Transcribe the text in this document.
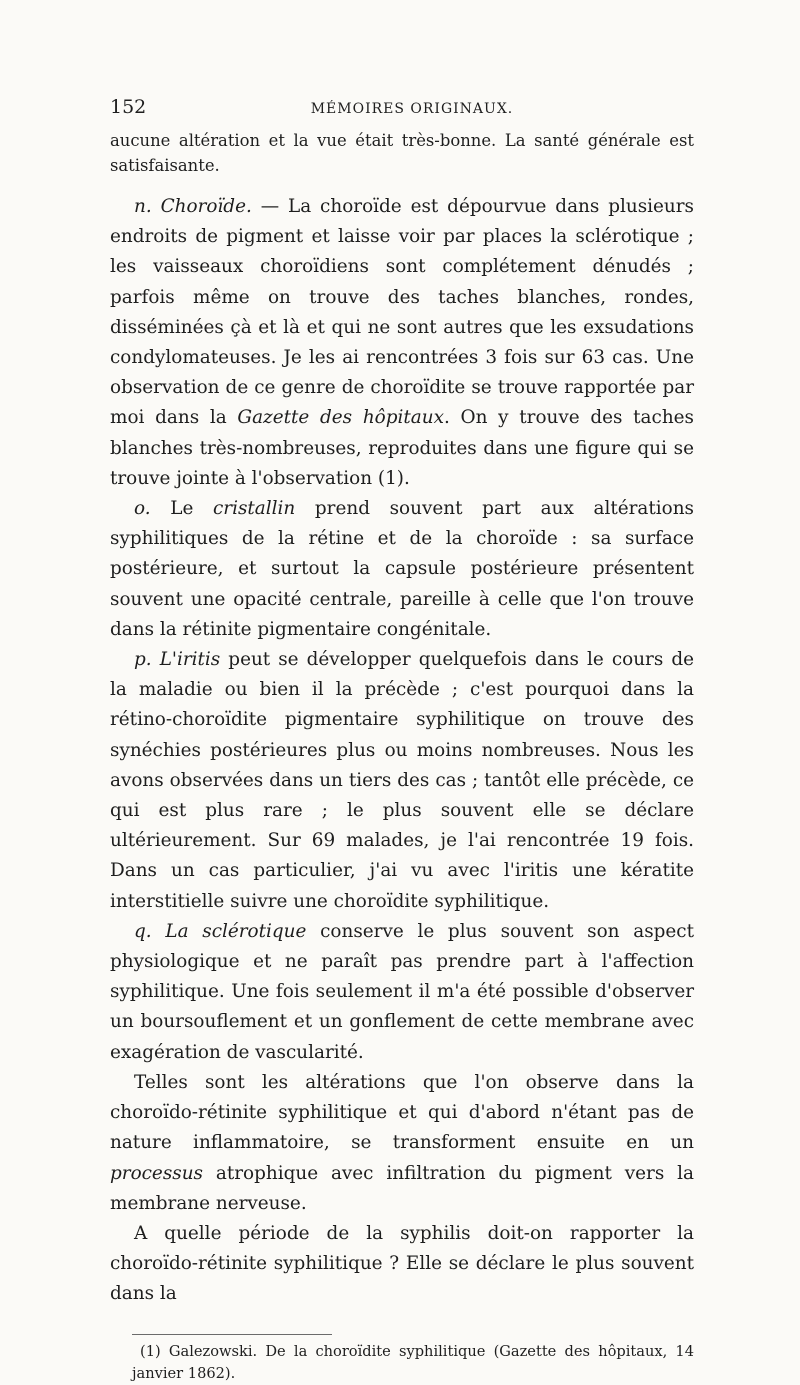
152	MÉMOIRES ORIGINAUX.

aucune altération et la vue était très-bonne. La santé générale est satisfaisante.

n. Choroïde. — La choroïde est dépourvue dans plusieurs endroits de pigment et laisse voir par places la sclérotique ; les vaisseaux choroïdiens sont complétement dénudés ; parfois même on trouve des taches blanches, rondes, disséminées çà et là et qui ne sont autres que les exsudations condylomateuses. Je les ai rencontrées 3 fois sur 63 cas. Une observation de ce genre de choroïdite se trouve rapportée par moi dans la Gazette des hôpitaux. On y trouve des taches blanches très-nombreuses, reproduites dans une figure qui se trouve jointe à l'observation (1).

o. Le cristallin prend souvent part aux altérations syphilitiques de la rétine et de la choroïde : sa surface postérieure, et surtout la capsule postérieure présentent souvent une opacité centrale, pareille à celle que l'on trouve dans la rétinite pigmentaire congénitale.

p. L'iritis peut se développer quelquefois dans le cours de la maladie ou bien il la précède ; c'est pourquoi dans la rétino-choroïdite pigmentaire syphilitique on trouve des synéchies postérieures plus ou moins nombreuses. Nous les avons observées dans un tiers des cas ; tantôt elle précède, ce qui est plus rare ; le plus souvent elle se déclare ultérieurement. Sur 69 malades, je l'ai rencontrée 19 fois. Dans un cas particulier, j'ai vu avec l'iritis une kératite interstitielle suivre une choroïdite syphilitique.

q. La sclérotique conserve le plus souvent son aspect physiologique et ne paraît pas prendre part à l'affection syphilitique. Une fois seulement il m'a été possible d'observer un boursouflement et un gonflement de cette membrane avec exagération de vascularité.

Telles sont les altérations que l'on observe dans la choroïdo-rétinite syphilitique et qui d'abord n'étant pas de nature inflammatoire, se transforment ensuite en un processus atrophique avec infiltration du pigment vers la membrane nerveuse.

A quelle période de la syphilis doit-on rapporter la choroïdo-rétinite syphilitique ? Elle se déclare le plus souvent dans la

(1) Galezowski. De la choroïdite syphilitique (Gazette des hôpitaux, 14 janvier 1862).
